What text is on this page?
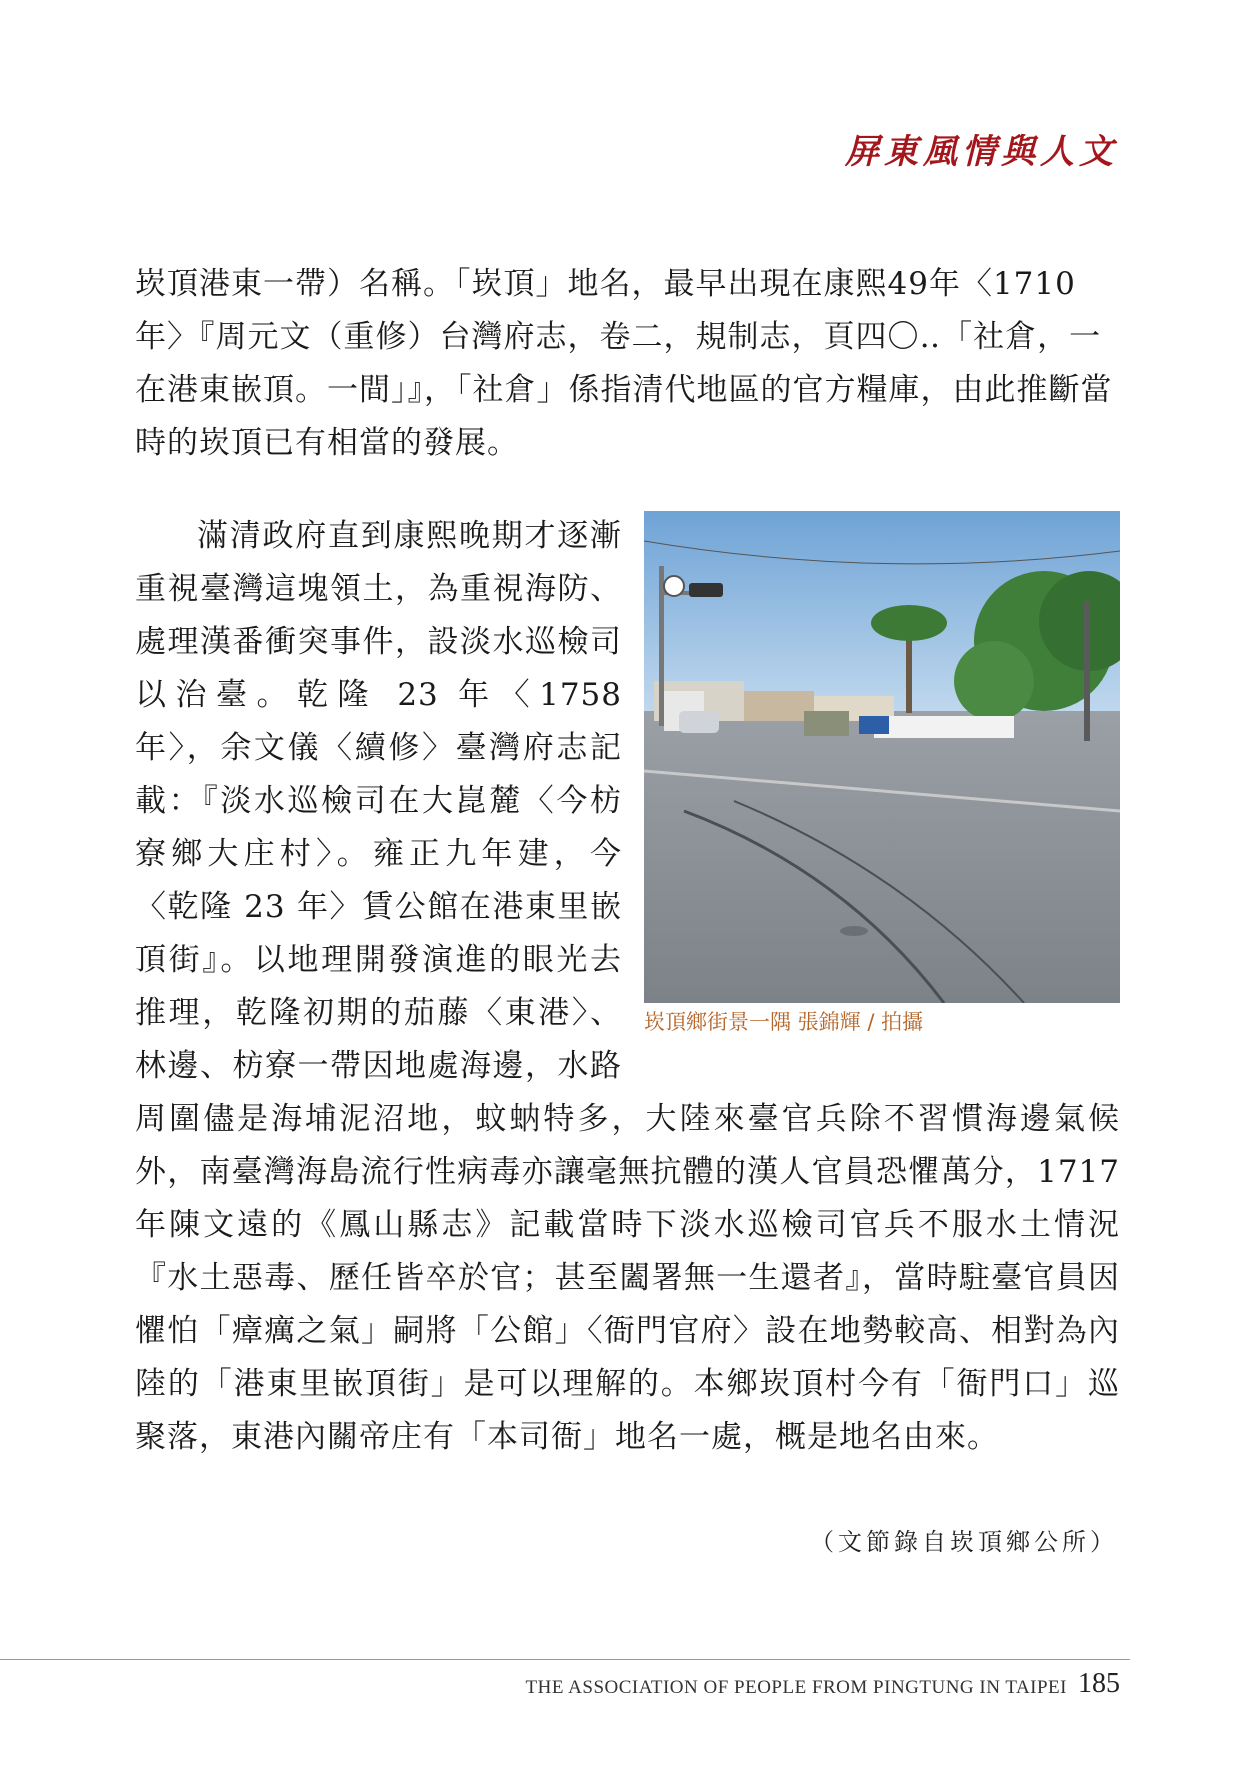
屏東風情與人文

崁頂港東一帶）名稱。「崁頂」地名，最早出現在康熙49年〈1710年〉『周元文（重修）台灣府志，卷二，規制志，頁四〇‥「社倉，一在港東嵌頂。一間」』，「社倉」係指清代地區的官方糧庫，由此推斷當時的崁頂已有相當的發展。

崁頂鄉街景一隅 張錦輝 / 拍攝

滿清政府直到康熙晚期才逐漸重視臺灣這塊領土，為重視海防、處理漢番衝突事件，設淡水巡檢司以治臺。乾隆 23 年〈1758 年〉，余文儀〈續修〉臺灣府志記載：『淡水巡檢司在大崑麓〈今枋寮鄉大庄村〉。雍正九年建，今〈乾隆 23 年〉賃公館在港東里嵌頂街』。以地理開發演進的眼光去推理，乾隆初期的茄藤〈東港〉、林邊、枋寮一帶因地處海邊，水路周圍儘是海埔泥沼地，蚊蚋特多，大陸來臺官兵除不習慣海邊氣候外，南臺灣海島流行性病毒亦讓毫無抗體的漢人官員恐懼萬分，1717 年陳文遠的《鳳山縣志》記載當時下淡水巡檢司官兵不服水土情況『水土惡毒、歷任皆卒於官；甚至闔署無一生還者』，當時駐臺官員因懼怕「瘴癘之氣」嗣將「公館」〈衙門官府〉設在地勢較高、相對為內陸的「港東里嵌頂街」是可以理解的。本鄉崁頂村今有「衙門口」巡聚落，東港內關帝庄有「本司衙」地名一處，概是地名由來。

（文節錄自崁頂鄉公所）
THE ASSOCIATION OF PEOPLE FROM PINGTUNG IN TAIPEI 185
